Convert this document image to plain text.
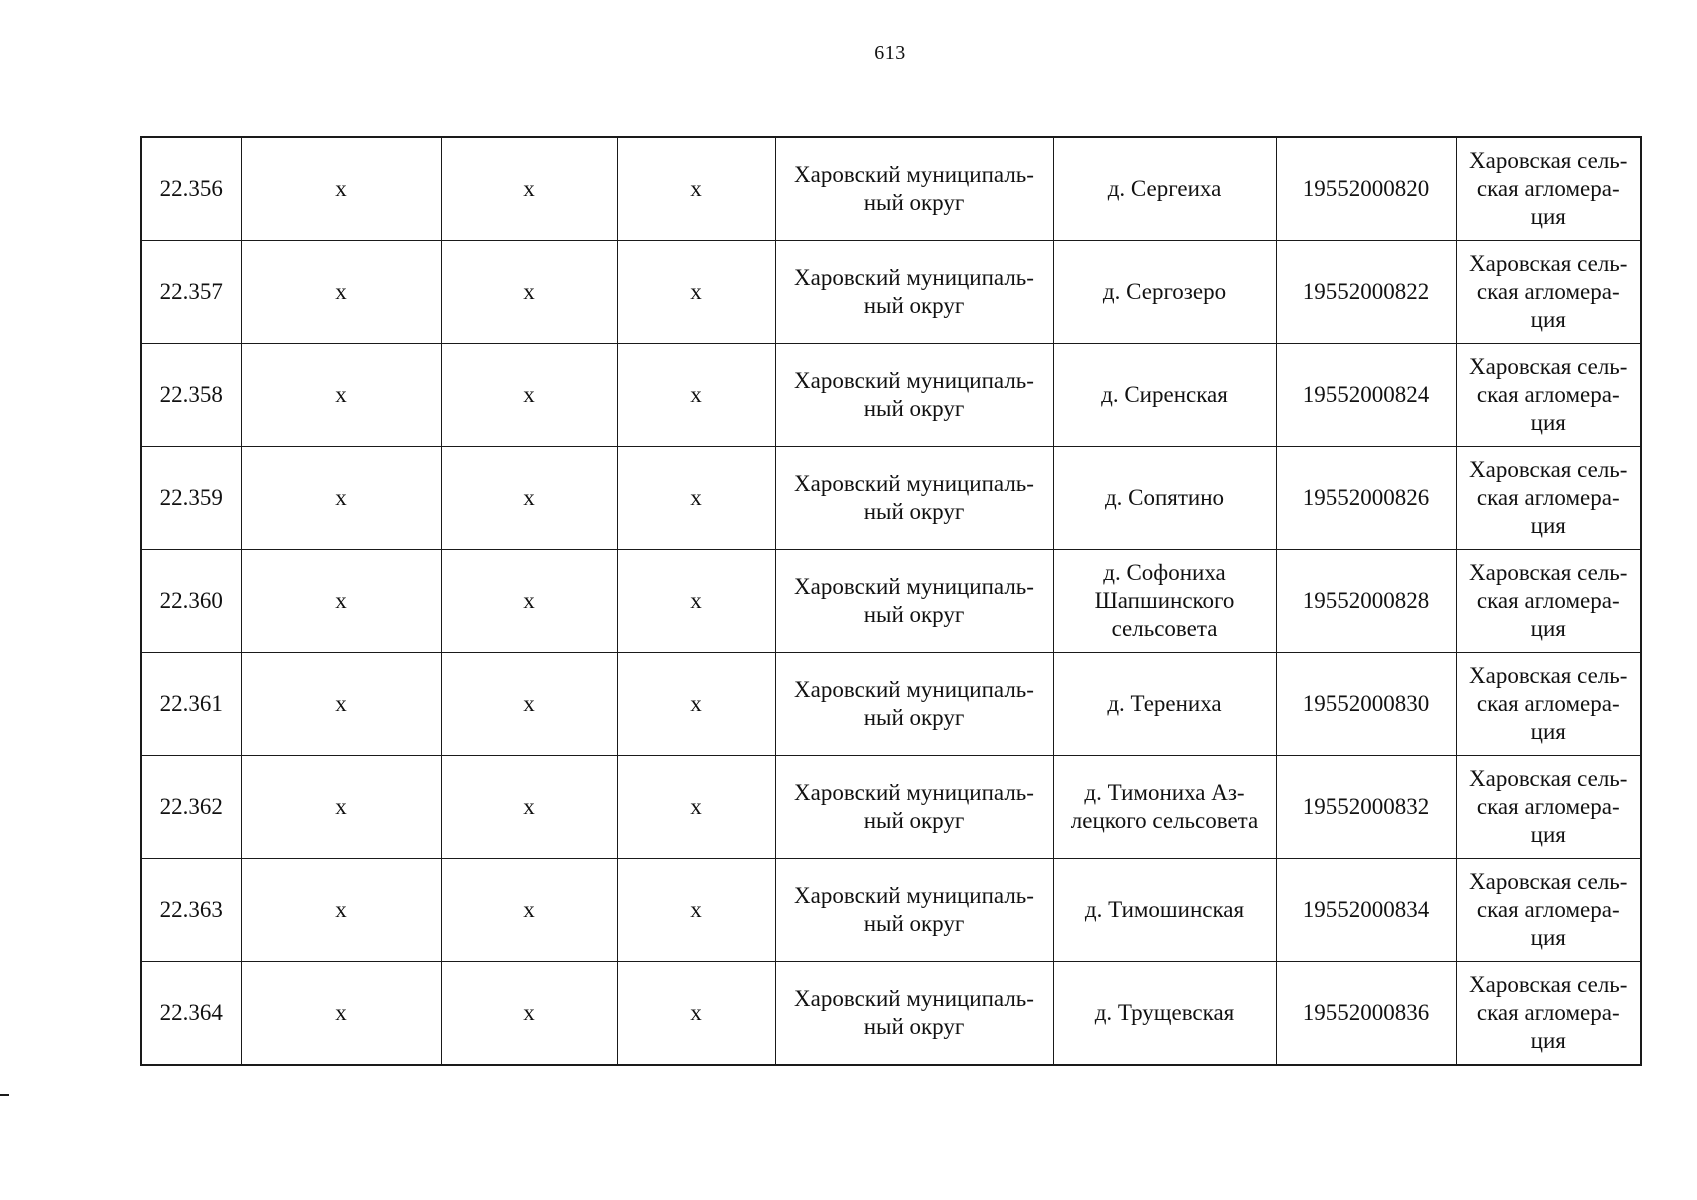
613
22.356	x	x	x	Харовский муниципаль-
ный округ	д. Сергеиха	19552000820	Харовская сель-
ская агломера-
ция
22.357	x	x	x	Харовский муниципаль-
ный округ	д. Сергозеро	19552000822	Харовская сель-
ская агломера-
ция
22.358	x	x	x	Харовский муниципаль-
ный округ	д. Сиренская	19552000824	Харовская сель-
ская агломера-
ция
22.359	x	x	x	Харовский муниципаль-
ный округ	д. Сопятино	19552000826	Харовская сель-
ская агломера-
ция
22.360	x	x	x	Харовский муниципаль-
ный округ	д. Софониха
Шапшинского
сельсовета	19552000828	Харовская сель-
ская агломера-
ция
22.361	x	x	x	Харовский муниципаль-
ный округ	д. Терениха	19552000830	Харовская сель-
ская агломера-
ция
22.362	x	x	x	Харовский муниципаль-
ный округ	д. Тимониха Аз-
лецкого сельсовета	19552000832	Харовская сель-
ская агломера-
ция
22.363	x	x	x	Харовский муниципаль-
ный округ	д. Тимошинская	19552000834	Харовская сель-
ская агломера-
ция
22.364	x	x	x	Харовский муниципаль-
ный округ	д. Трущевская	19552000836	Харовская сель-
ская агломера-
ция
